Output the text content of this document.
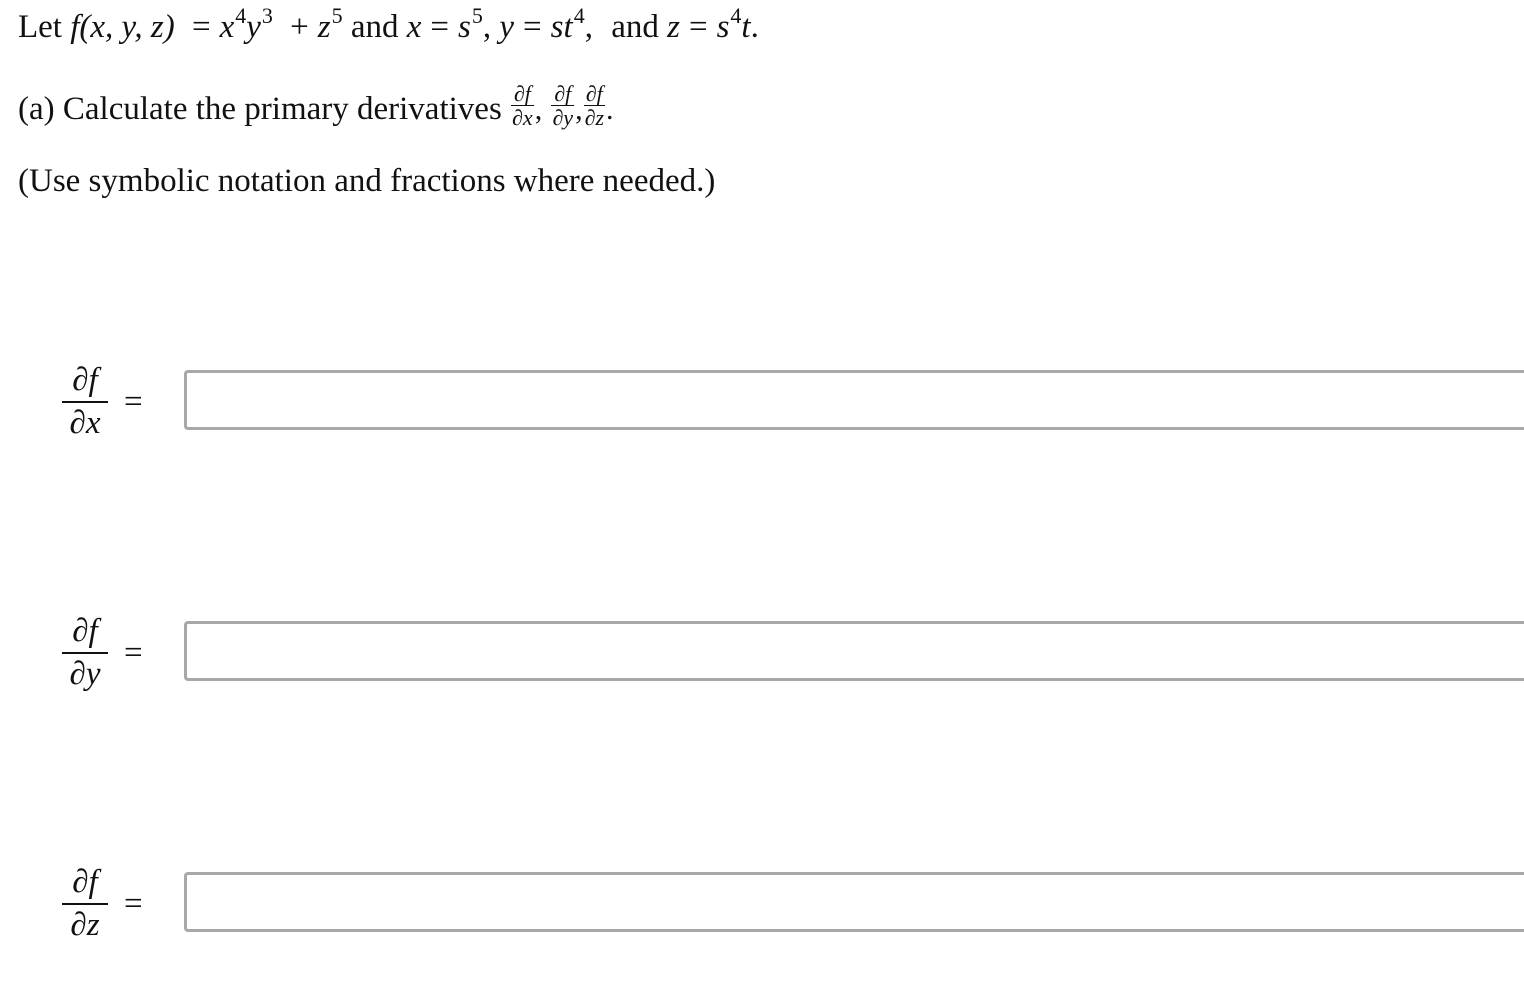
Let f(x, y, $z) = x^4y^3 + z^5$ and $x = s^5$, $y = st^4$, and $z = s^4t$.
(a) Calculate the primary derivatives $\frac{\partial f}{\partial x}$ , $\frac{\partial f}{\partial y}$ , $\frac{\partial f}{\partial z}$ .
(Use symbolic notation and fractions where needed.)
∂f
∂x
=
∂f
∂y
=
∂f
∂z
=
